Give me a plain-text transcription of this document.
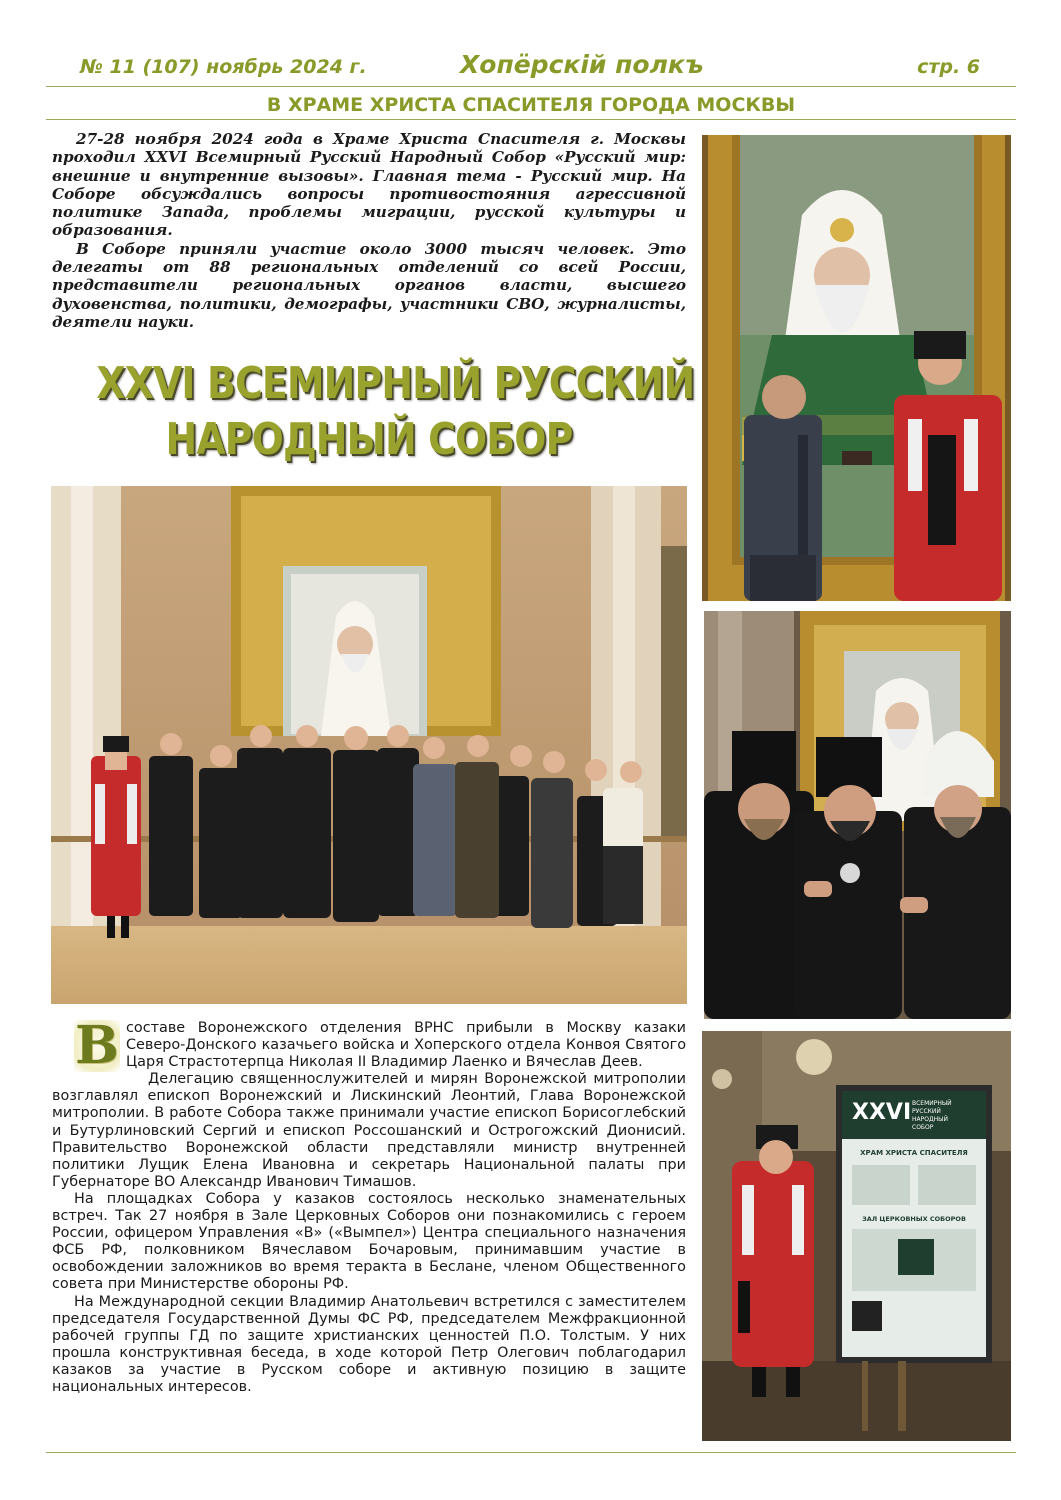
№ 11 (107) ноябрь 2024 г.	Хопёрскій полкъ	стр. 6
В ХРАМЕ ХРИСТА СПАСИТЕЛЯ ГОРОДА МОСКВЫ

27-28 ноября 2024 года в Храме Христа Спасителя г. Москвы проходил XXVI Всемирный Русский Народный Собор «Русский мир: внешние и внутренние вызовы». Главная тема - Русский мир. На Соборе обсуждались вопросы противостояния агрессивной политике Запада, проблемы миграции, русской культуры и образования.

В Соборе приняли участие около 3000 тысяч человек. Это делегаты от 88 региональных отделений со всей России, представители региональных органов власти, высшего духовенства, политики, демографы, участники СВО, журналисты, деятели науки.

XXVI ВСЕМИРНЫЙ РУССКИЙ
НАРОДНЫЙ СОБОР
XXVI ВСЕМИРНЫЙ
РУССКИЙ
НАРОДНЫЙ
СОБОР
ХРАМ ХРИСТА СПАСИТЕЛЯ
ЗАЛ ЦЕРКОВНЫХ СОБОРОВ

В составе Воронежского отделения ВРНС прибыли в Москву казаки Северо-Донского казачьего войска и Хоперского отдела Конвоя Святого Царя Страстотерпца Николая II Владимир Лаенко и Вячеслав Деев.

Делегацию священнослужителей и мирян Воронежской митрополии возглавлял епископ Воронежский и Лискинский Леонтий, Глава Воронежской митрополии. В работе Собора также принимали участие епископ Борисоглебский и Бутурлиновский Сергий и епископ Россошанский и Острогожский Дионисий. Правительство Воронежской области представляли министр внутренней политики Лущик Елена Ивановна и секретарь Национальной палаты при Губернаторе ВО Александр Иванович Тимашов.

На площадках Собора у казаков состоялось несколько знаменательных встреч. Так 27 ноября в Зале Церковных Соборов они познакомились с героем России, офицером Управления «В» («Вымпел») Центра специального назначения ФСБ РФ, полковником Вячеславом Бочаровым, принимавшим участие в освобождении заложников во время теракта в Беслане, членом Общественного совета при Министерстве обороны РФ.

На Международной секции Владимир Анатольевич встретился с заместителем председателя Государственной Думы ФС РФ, председателем Межфракционной рабочей группы ГД по защите христианских ценностей П.О. Толстым. У них прошла конструктивная беседа, в ходе которой Петр Олегович поблагодарил казаков за участие в Русском соборе и активную позицию в защите национальных интересов.
